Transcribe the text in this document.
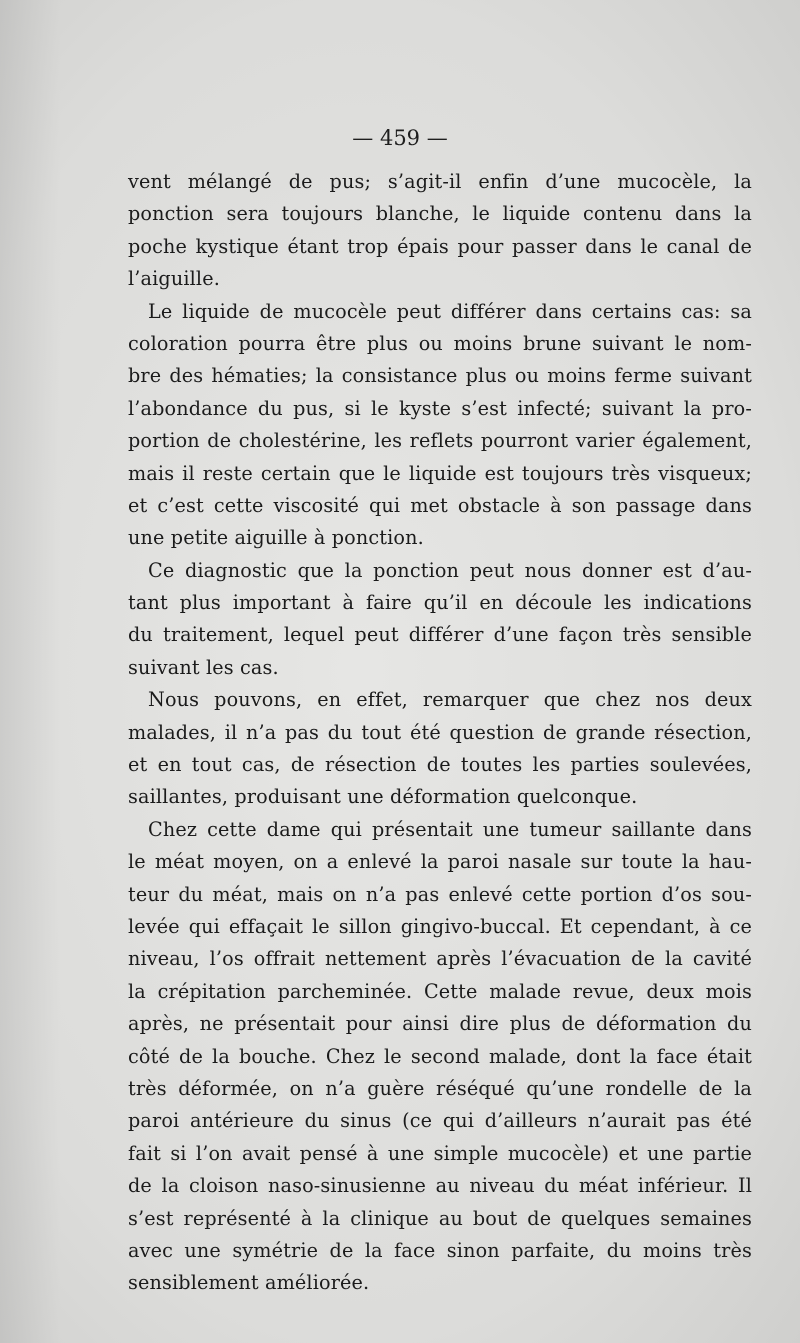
— 459 —
vent mélangé de pus; s’agit-il enfin d’une mucocèle, la
ponction sera toujours blanche, le liquide contenu dans la
poche kystique étant trop épais pour passer dans le canal de
l’aiguille.
Le liquide de mucocèle peut différer dans certains cas: sa
coloration pourra être plus ou moins brune suivant le nom-
bre des hématies; la consistance plus ou moins ferme suivant
l’abondance du pus, si le kyste s’est infecté; suivant la pro-
portion de cholestérine, les reflets pourront varier également,
mais il reste certain que le liquide est toujours très visqueux;
et c’est cette viscosité qui met obstacle à son passage dans
une petite aiguille à ponction.
Ce diagnostic que la ponction peut nous donner est d’au-
tant plus important à faire qu’il en découle les indications
du traitement, lequel peut différer d’une façon très sensible
suivant les cas.
Nous pouvons, en effet, remarquer que chez nos deux
malades, il n’a pas du tout été question de grande résection,
et en tout cas, de résection de toutes les parties soulevées,
saillantes, produisant une déformation quelconque.
Chez cette dame qui présentait une tumeur saillante dans
le méat moyen, on a enlevé la paroi nasale sur toute la hau-
teur du méat, mais on n’a pas enlevé cette portion d’os sou-
levée qui effaçait le sillon gingivo-buccal. Et cependant, à ce
niveau, l’os offrait nettement après l’évacuation de la cavité
la crépitation parcheminée. Cette malade revue, deux mois
après, ne présentait pour ainsi dire plus de déformation du
côté de la bouche. Chez le second malade, dont la face était
très déformée, on n’a guère réséqué qu’une rondelle de la
paroi antérieure du sinus (ce qui d’ailleurs n’aurait pas été
fait si l’on avait pensé à une simple mucocèle) et une partie
de la cloison naso-sinusienne au niveau du méat inférieur. Il
s’est représenté à la clinique au bout de quelques semaines
avec une symétrie de la face sinon parfaite, du moins très
sensiblement améliorée.
